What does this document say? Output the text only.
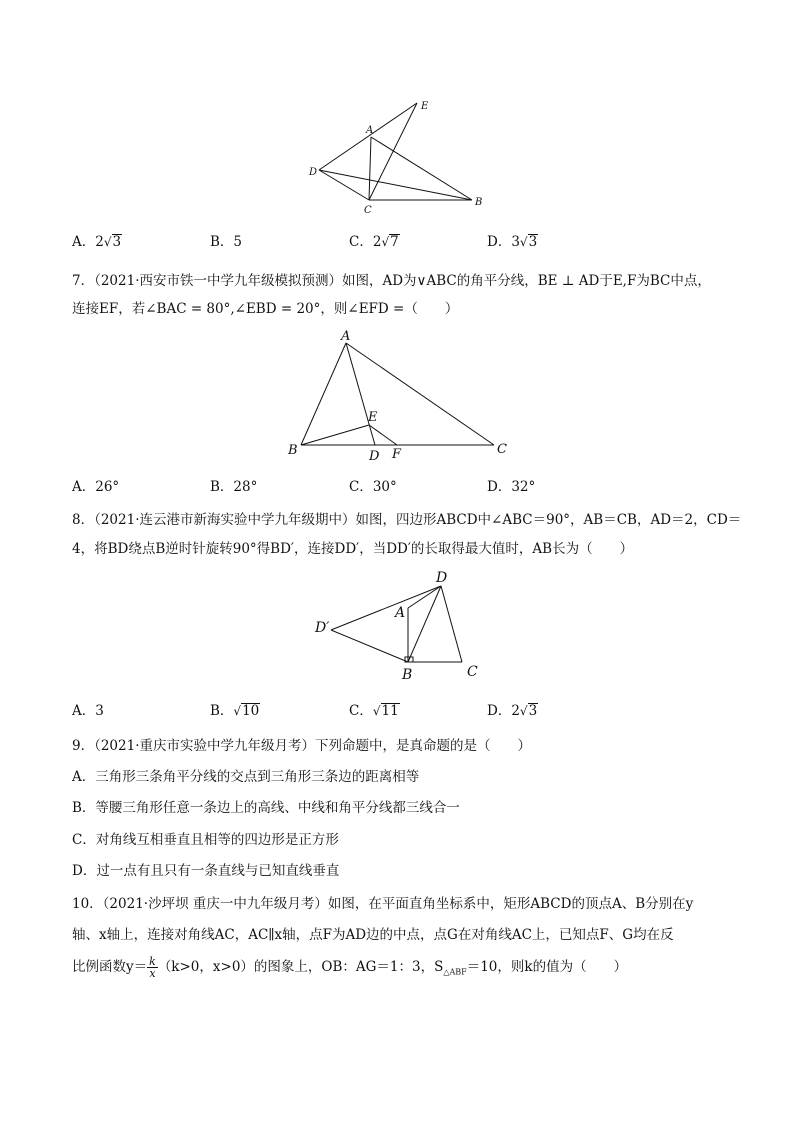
E
A
D
C
B
A．2√3	B．5	C．2√7	D．3√3
7．（2021·西安市铁一中学九年级模拟预测）如图，AD为∨ABC的角平分线，BE ⊥ AD于E,F为BC中点，
连接EF，若∠BAC = 80°,∠EBD = 20°，则∠EFD =（　　）
A
E
B	D F	C
A．26°	B．28°	C．30°	D．32°
8．（2021·连云港市新海实验中学九年级期中）如图，四边形ABCD中∠ABC＝90°，AB＝CB，AD＝2，CD＝
4，将BD绕点B逆时针旋转90°得BD′，连接DD′，当DD′的长取得最大值时，AB长为（　　）
D
A
D′
B	C
A．3	B．√10	C．√11	D．2√3
9．（2021·重庆市实验中学九年级月考）下列命题中，是真命题的是（　　）
A．三角形三条角平分线的交点到三角形三条边的距离相等
B．等腰三角形任意一条边上的高线、中线和角平分线都三线合一
C．对角线互相垂直且相等的四边形是正方形
D．过一点有且只有一条直线与已知直线垂直
10．（2021·沙坪坝 重庆一中九年级月考）如图，在平面直角坐标系中，矩形ABCD的顶点A、B分别在y
轴、x轴上，连接对角线AC，AC∥x轴，点F为AD边的中点，点G在对角线AC上，已知点F、G均在反
比例函数$y= \frac{k}{x} (k>0$，x>0）的图象上，OB：AG＝1：3，$S_{\triangle ABF}=10$，则k的值为（　　）
